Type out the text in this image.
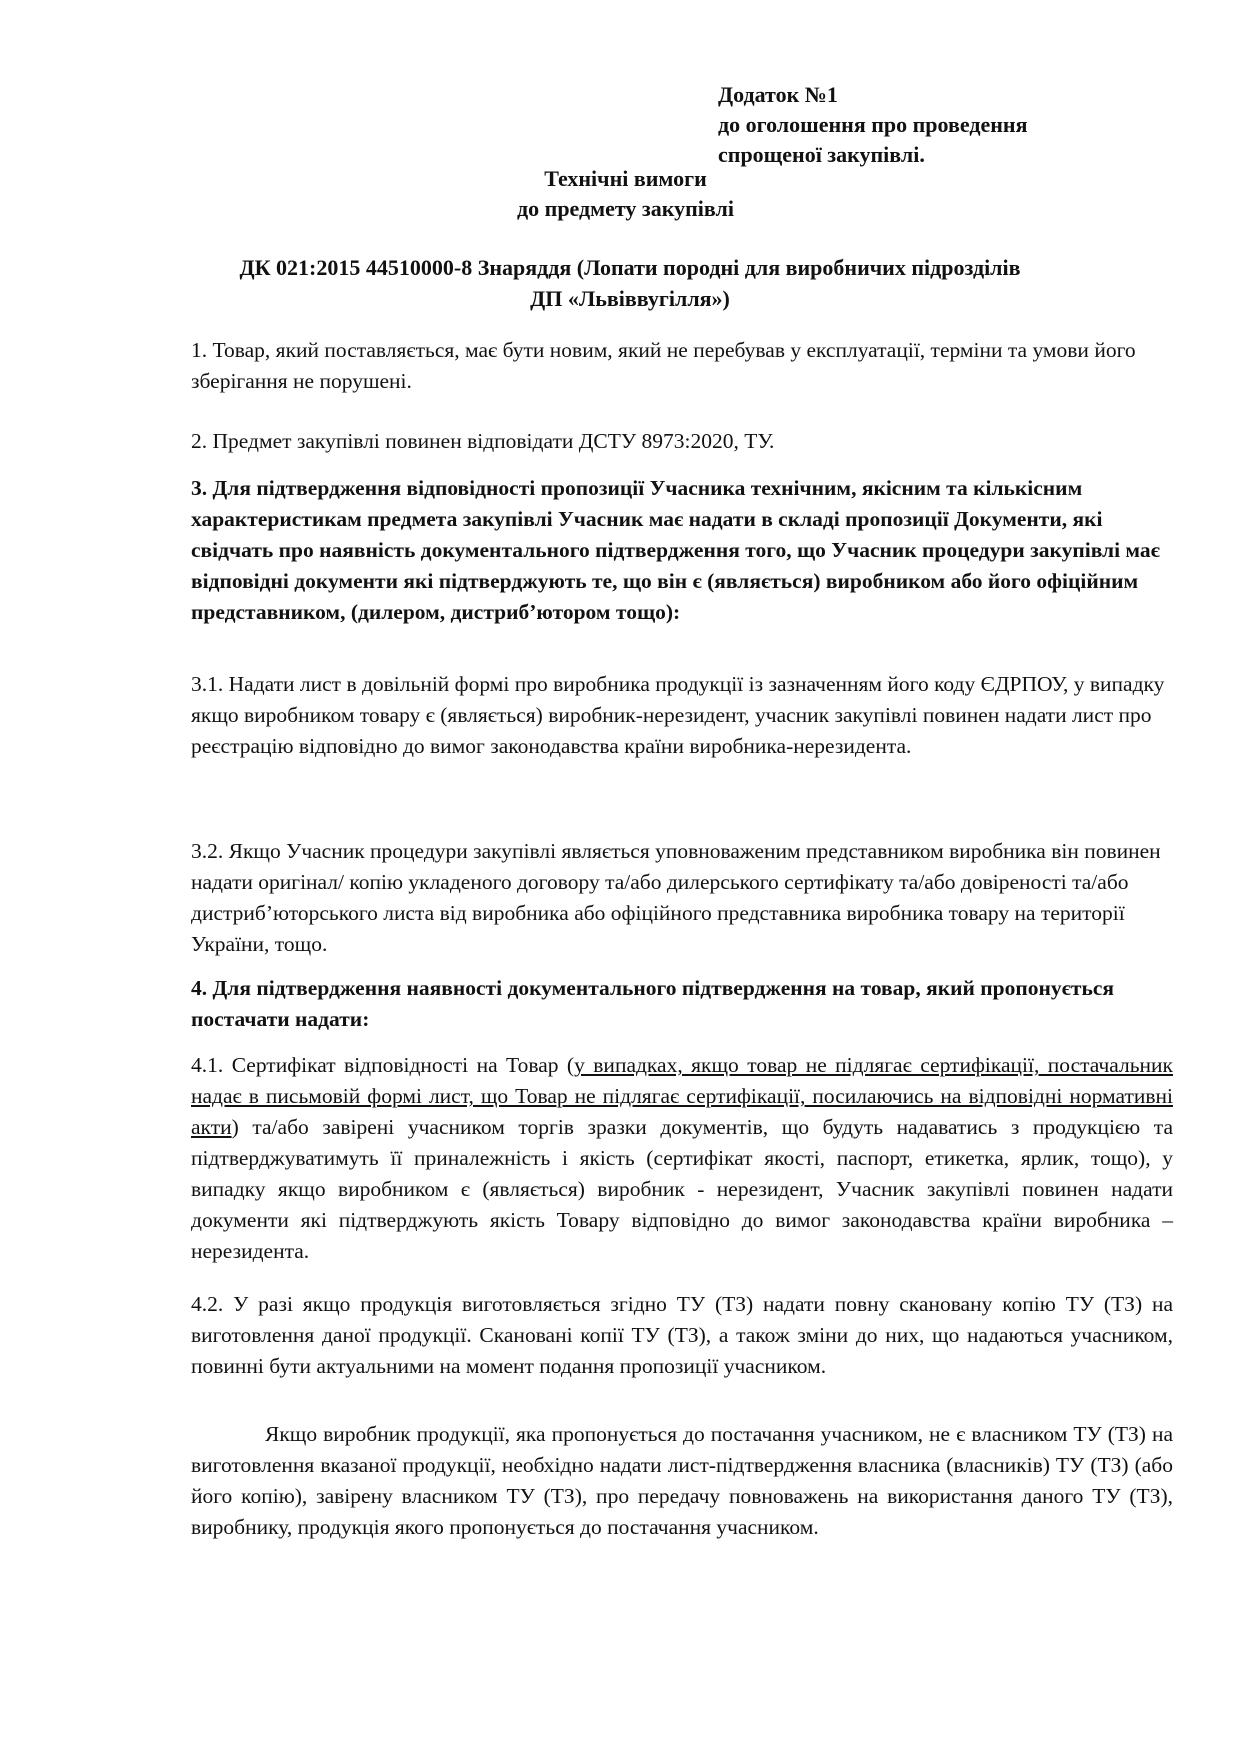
Додаток №1
до оголошення про проведення
спрощеної закупівлі.
Технічні вимоги
до предмету закупівлі
ДК 021:2015 44510000-8 Знаряддя (Лопати породні для виробничих підрозділів
ДП «Львіввугілля»)
1. Товар, який поставляється, має бути новим, який не перебував у експлуатації, терміни та умови його зберігання не порушені.
2. Предмет закупівлі повинен відповідати ДСТУ 8973:2020, ТУ.
3. Для підтвердження відповідності пропозиції Учасника технічним, якісним та кількісним характеристикам предмета закупівлі Учасник має надати в складі пропозиції Документи, які свідчать про наявність документального підтвердження того, що Учасник процедури закупівлі має відповідні документи які підтверджують те, що він є (являється) виробником або його офіційним представником, (дилером, дистриб’ютором тощо):
3.1. Надати лист в довільній формі про виробника продукції із зазначенням його коду ЄДРПОУ, у випадку якщо виробником товару є (являється) виробник-нерезидент, учасник закупівлі повинен надати лист про реєстрацію відповідно до вимог законодавства країни виробника-нерезидента.
3.2. Якщо Учасник процедури закупівлі являється уповноваженим представником виробника він повинен надати оригінал/ копію укладеного договору та/або дилерського сертифікату та/або довіреності та/або дистриб’юторського листа від виробника або офіційного представника виробника товару на території України, тощо.
4. Для підтвердження наявності документального підтвердження на товар, який пропонується постачати надати:
4.1. Сертифікат відповідності на Товар (у випадках, якщо товар не підлягає сертифікації, постачальник надає в письмовій формі лист, що Товар не підлягає сертифікації, посилаючись на відповідні нормативні акти) та/або завірені учасником торгів зразки документів, що будуть надаватись з продукцією та підтверджуватимуть її приналежність і якість (сертифікат якості, паспорт, етикетка, ярлик, тощо), у випадку якщо виробником є (являється) виробник - нерезидент, Учасник закупівлі повинен надати документи які підтверджують якість Товару відповідно до вимог законодавства країни виробника – нерезидента.
4.2. У разі якщо продукція виготовляється згідно ТУ (ТЗ) надати повну скановану копію ТУ (ТЗ) на виготовлення даної продукції. Скановані копії ТУ (ТЗ), а також зміни до них, що надаються учасником, повинні бути актуальними на момент подання пропозиції учасником.
Якщо виробник продукції, яка пропонується до постачання учасником, не є власником ТУ (ТЗ) на виготовлення вказаної продукції, необхідно надати лист-підтвердження власника (власників) ТУ (ТЗ) (або його копію), завірену власником ТУ (ТЗ), про передачу повноважень на використання даного ТУ (ТЗ), виробнику, продукція якого пропонується до постачання учасником.
